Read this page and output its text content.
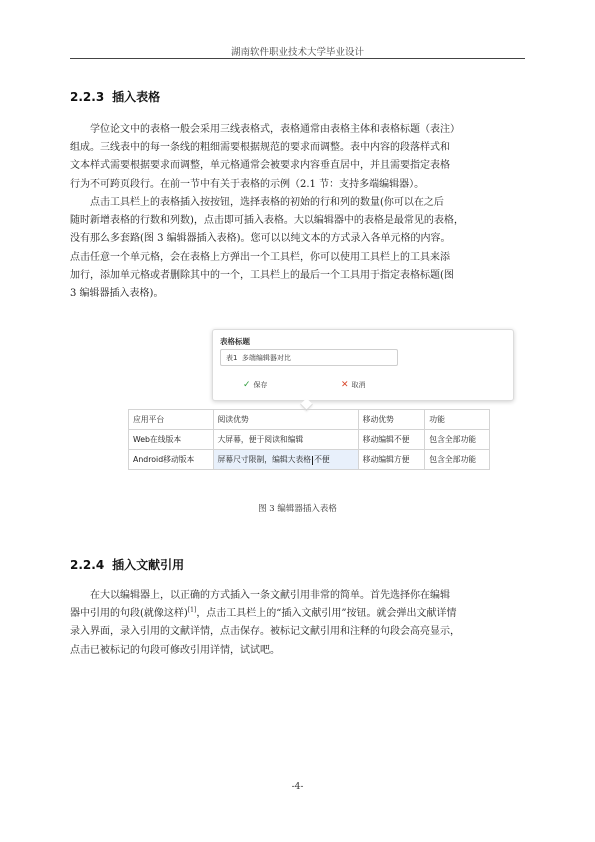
湖南软件职业技术大学毕业设计
2.2.3 插入表格
学位论文中的表格一般会采用三线表格式，表格通常由表格主体和表格标题（表注）
组成。三线表中的每一条线的粗细需要根据规范的要求而调整。表中内容的段落样式和
文本样式需要根据要求而调整，单元格通常会被要求内容垂直居中，并且需要指定表格
行为不可跨页段行。在前一节中有关于表格的示例（2.1 节：支持多端编辑器）。
点击工具栏上的表格插入按按钮，选择表格的初始的行和列的数量(你可以在之后
随时新增表格的行数和列数)，点击即可插入表格。大以编辑器中的表格是最常见的表格，
没有那么多套路(图 3 编辑器插入表格)。您可以以纯文本的方式录入各单元格的内容。
点击任意一个单元格，会在表格上方弹出一个工具栏，你可以使用工具栏上的工具来添
加行，添加单元格或者删除其中的一个，工具栏上的最后一个工具用于指定表格标题(图
3 编辑器插入表格)。
表格标题
表1 多端编辑器对比
✓ 保存	✕ 取消
应用平台	阅读优势	移动优势	功能
Web在线版本	大屏幕，便于阅读和编辑	移动编辑不便	包含全部功能
Android移动版本	屏幕尺寸限制，编辑大表格 不便	移动编辑方便	包含全部功能
图 3 编辑器插入表格
2.2.4 插入文献引用
在大以编辑器上，以正确的方式插入一条文献引用非常的简单。首先选择你在编辑
器中引用的句段(就像这样)[1]，点击工具栏上的“插入文献引用”按钮。就会弹出文献详情
录入界面，录入引用的文献详情，点击保存。被标记文献引用和注释的句段会高亮显示，
点击已被标记的句段可修改引用详情，试试吧。
-4-
